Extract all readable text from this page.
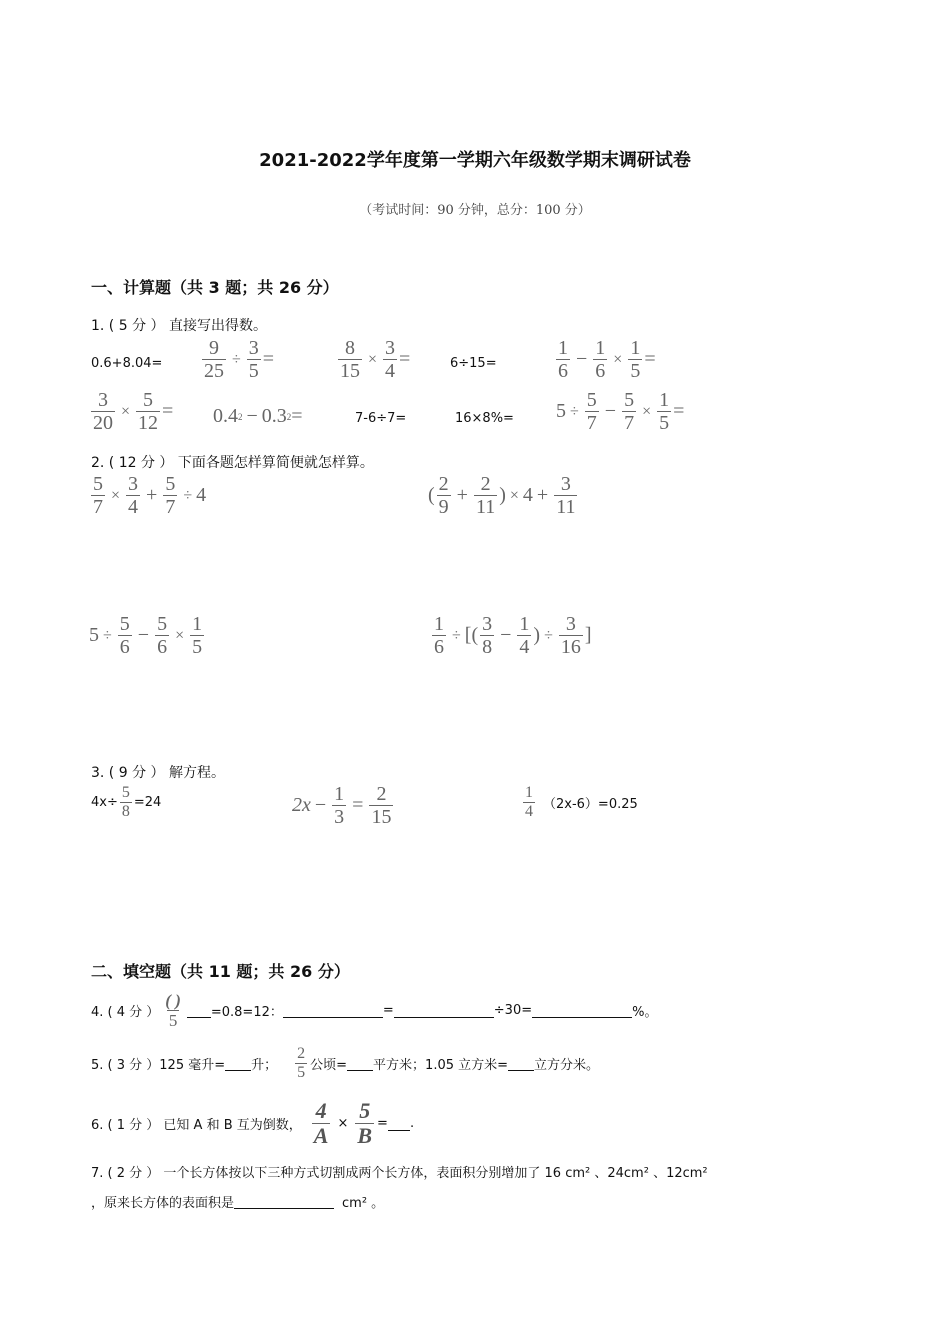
2021-2022学年度第一学期六年级数学期末调研试卷
（考试时间：90 分钟，总分：100 分）
一、计算题（共 3 题；共 26 分）
1. ( 5 分 ） 直接写出得数。
$0.6+8.04= \frac{9}{25} \div \frac{3}{5}$ =	$\frac{8}{15} \times \frac{3}{4}$ =	6÷15=	$\frac{1}{6} - \frac{1}{6} \times \frac{1}{5}$ =
$\frac{3}{20} \times \frac{5}{12} = 0.4$ 2 − 0.3 2 =	7-6÷7=	$16\times 8\%= 5 \div \frac{5}{7} - \frac{5}{7} \times \frac{1}{5}$ =
2. ( 12 分 ） 下面各题怎样算简便就怎样算。
$\frac{5}{7} \times \frac{3}{4} + \frac{5}{7} \div 4$	( $\frac{2}{9} + \frac{2}{11}$ ) × $4 + \frac{3}{11}$
$5 \div \frac{5}{6} - \frac{5}{6} \times \frac{1}{5}$	$\frac{1}{6}$ ÷ [( $\frac{3}{8} - \frac{1}{4}$ ) ÷ $\frac{3}{16}$ ]
3. ( 9 分 ） 解方程。
$4x\div \frac{5}{8} =24$	$2x - \frac{1}{3} = \frac{2}{15}$	$\frac{1}{4} (2x-6)=0.25$
二、填空题（共 11 题；共 26 分）
4. ( 4 分 ） $\frac{( )}{5} =0.8=12$：	=	÷30=	%。
5. ( 3 分 ）125 毫升= 升； $\frac{2}{5}$ 公顷= 平方米；1.05 立方米= 立方分米。
6. ( 1 分 ） 已知 A 和 B 互为倒数， $\frac{4}{A} \times \frac{5}{B}$ = .
7. ( 2 分 ） 一个长方体按以下三种方式切割成两个长方体，表面积分别增加了 16 cm² 、24cm² 、12cm²
，原来长方体的表面积是	cm² 。
